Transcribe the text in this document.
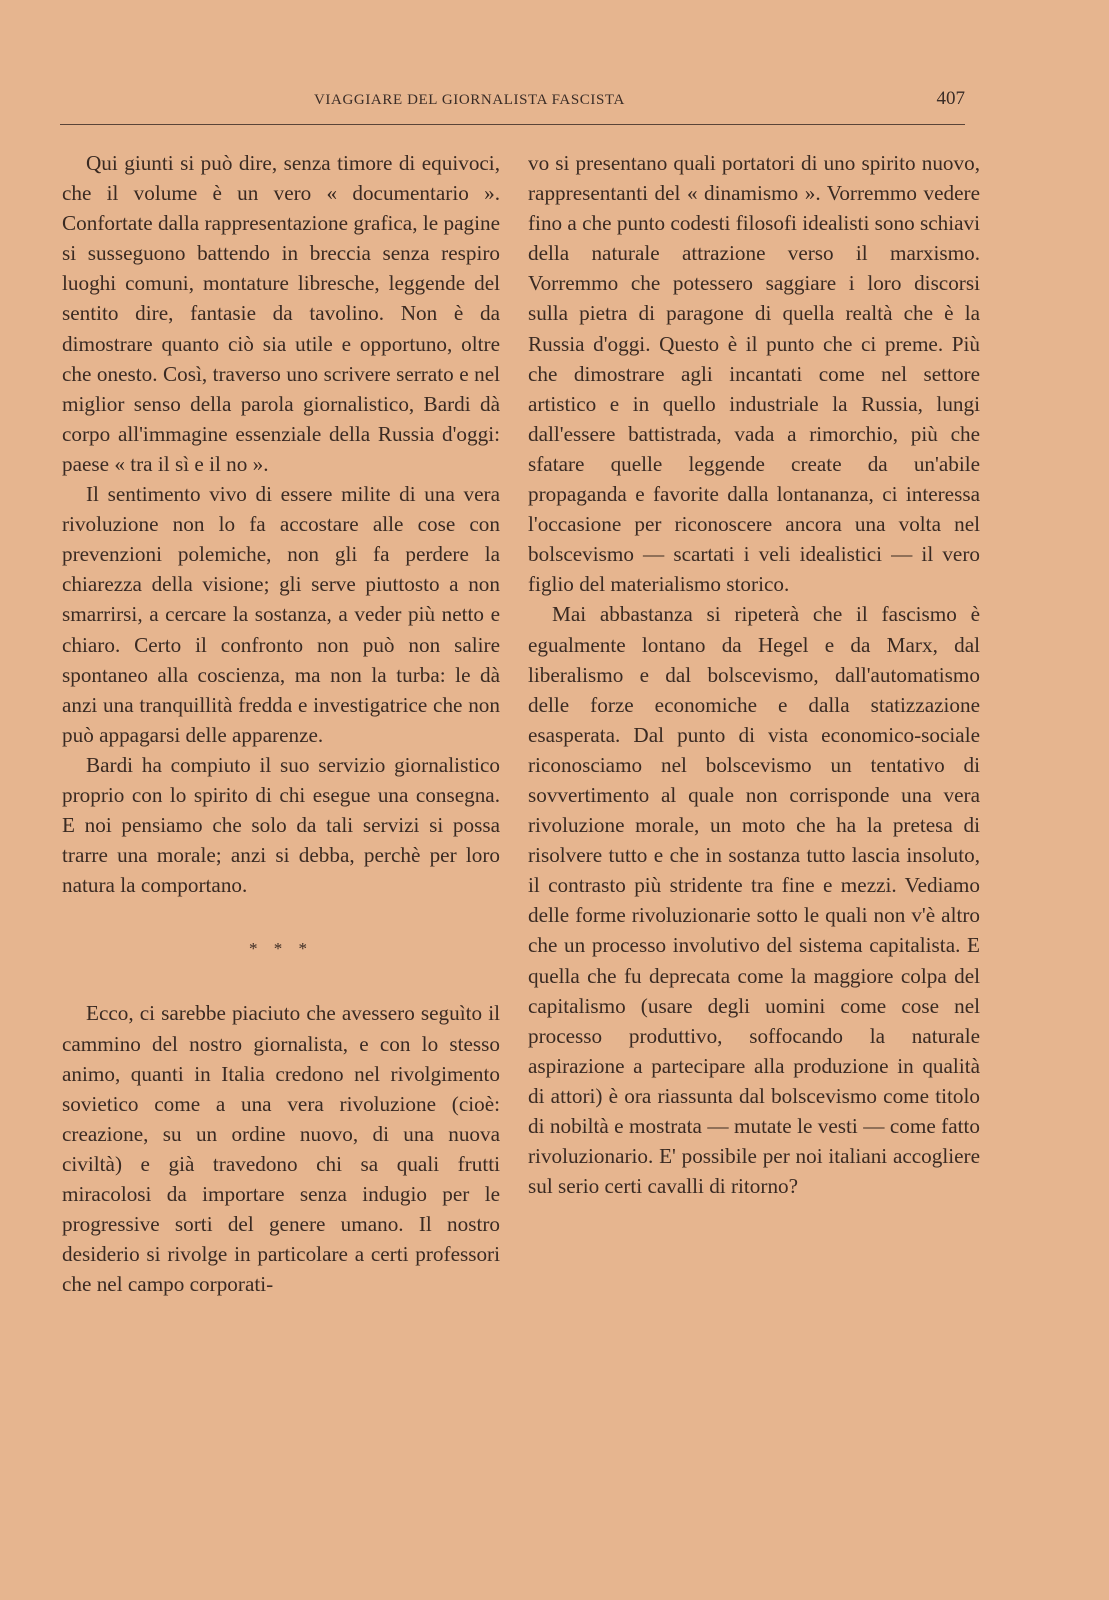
VIAGGIARE DEL GIORNALISTA FASCISTA	407

Qui giunti si può dire, senza timore di equivoci, che il volume è un vero « documentario ». Confortate dalla rappresentazione grafica, le pagine si susseguono battendo in breccia senza respiro luoghi comuni, montature libresche, leggende del sentito dire, fantasie da tavolino. Non è da dimostrare quanto ciò sia utile e opportuno, oltre che onesto. Così, traverso uno scrivere serrato e nel miglior senso della parola giornalistico, Bardi dà corpo all'immagine essenziale della Russia d'oggi: paese « tra il sì e il no ».

Il sentimento vivo di essere milite di una vera rivoluzione non lo fa accostare alle cose con prevenzioni polemiche, non gli fa perdere la chiarezza della visione; gli serve piuttosto a non smarrirsi, a cercare la sostanza, a veder più netto e chiaro. Certo il confronto non può non salire spontaneo alla coscienza, ma non la turba: le dà anzi una tranquillità fredda e investigatrice che non può appagarsi delle apparenze.

Bardi ha compiuto il suo servizio giornalistico proprio con lo spirito di chi esegue una consegna. E noi pensiamo che solo da tali servizi si possa trarre una morale; anzi si debba, perchè per loro natura la comportano.

* * *

Ecco, ci sarebbe piaciuto che avessero seguìto il cammino del nostro giornalista, e con lo stesso animo, quanti in Italia credono nel rivolgimento sovietico come a una vera rivoluzione (cioè: creazione, su un ordine nuovo, di una nuova civiltà) e già travedono chi sa quali frutti miracolosi da importare senza indugio per le progressive sorti del genere umano. Il nostro desiderio si rivolge in particolare a certi professori che nel campo corporati-

vo si presentano quali portatori di uno spirito nuovo, rappresentanti del « dinamismo ». Vorremmo vedere fino a che punto codesti filosofi idealisti sono schiavi della naturale attrazione verso il marxismo. Vorremmo che potessero saggiare i loro discorsi sulla pietra di paragone di quella realtà che è la Russia d'oggi. Questo è il punto che ci preme. Più che dimostrare agli incantati come nel settore artistico e in quello industriale la Russia, lungi dall'essere battistrada, vada a rimorchio, più che sfatare quelle leggende create da un'abile propaganda e favorite dalla lontananza, ci interessa l'occasione per riconoscere ancora una volta nel bolscevismo — scartati i veli idealistici — il vero figlio del materialismo storico.

Mai abbastanza si ripeterà che il fascismo è egualmente lontano da Hegel e da Marx, dal liberalismo e dal bolscevismo, dall'automatismo delle forze economiche e dalla statizzazione esasperata. Dal punto di vista economico-sociale riconosciamo nel bolscevismo un tentativo di sovvertimento al quale non corrisponde una vera rivoluzione morale, un moto che ha la pretesa di risolvere tutto e che in sostanza tutto lascia insoluto, il contrasto più stridente tra fine e mezzi. Vediamo delle forme rivoluzionarie sotto le quali non v'è altro che un processo involutivo del sistema capitalista. E quella che fu deprecata come la maggiore colpa del capitalismo (usare degli uomini come cose nel processo produttivo, soffocando la naturale aspirazione a partecipare alla produzione in qualità di attori) è ora riassunta dal bolscevismo come titolo di nobiltà e mostrata — mutate le vesti — come fatto rivoluzionario. E' possibile per noi italiani accogliere sul serio certi cavalli di ritorno?
